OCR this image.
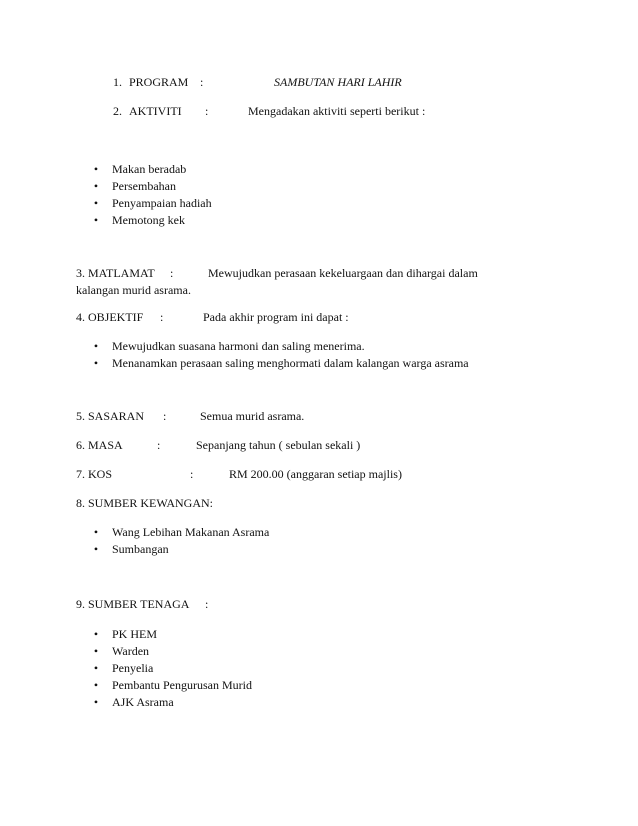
1. PROGRAM :	SAMBUTAN HARI LAHIR
2. AKTIVITI :	Mengadakan aktiviti seperti berikut :
• Makan beradab
• Persembahan
• Penyampaian hadiah
• Memotong kek
3. MATLAMAT :	Mewujudkan perasaan kekeluargaan dan dihargai dalam
kalangan murid asrama.
4. OBJEKTIF :	Pada akhir program ini dapat :
• Mewujudkan suasana harmoni dan saling menerima.
• Menanamkan perasaan saling menghormati dalam kalangan warga asrama
5. SASARAN :	Semua murid asrama.
6. MASA	:	Sepanjang tahun ( sebulan sekali )
7. KOS	:	RM 200.00 (anggaran setiap majlis)
8. SUMBER KEWANGAN:
• Wang Lebihan Makanan Asrama
• Sumbangan
9. SUMBER TENAGA :
• PK HEM
• Warden
• Penyelia
• Pembantu Pengurusan Murid
• AJK Asrama
